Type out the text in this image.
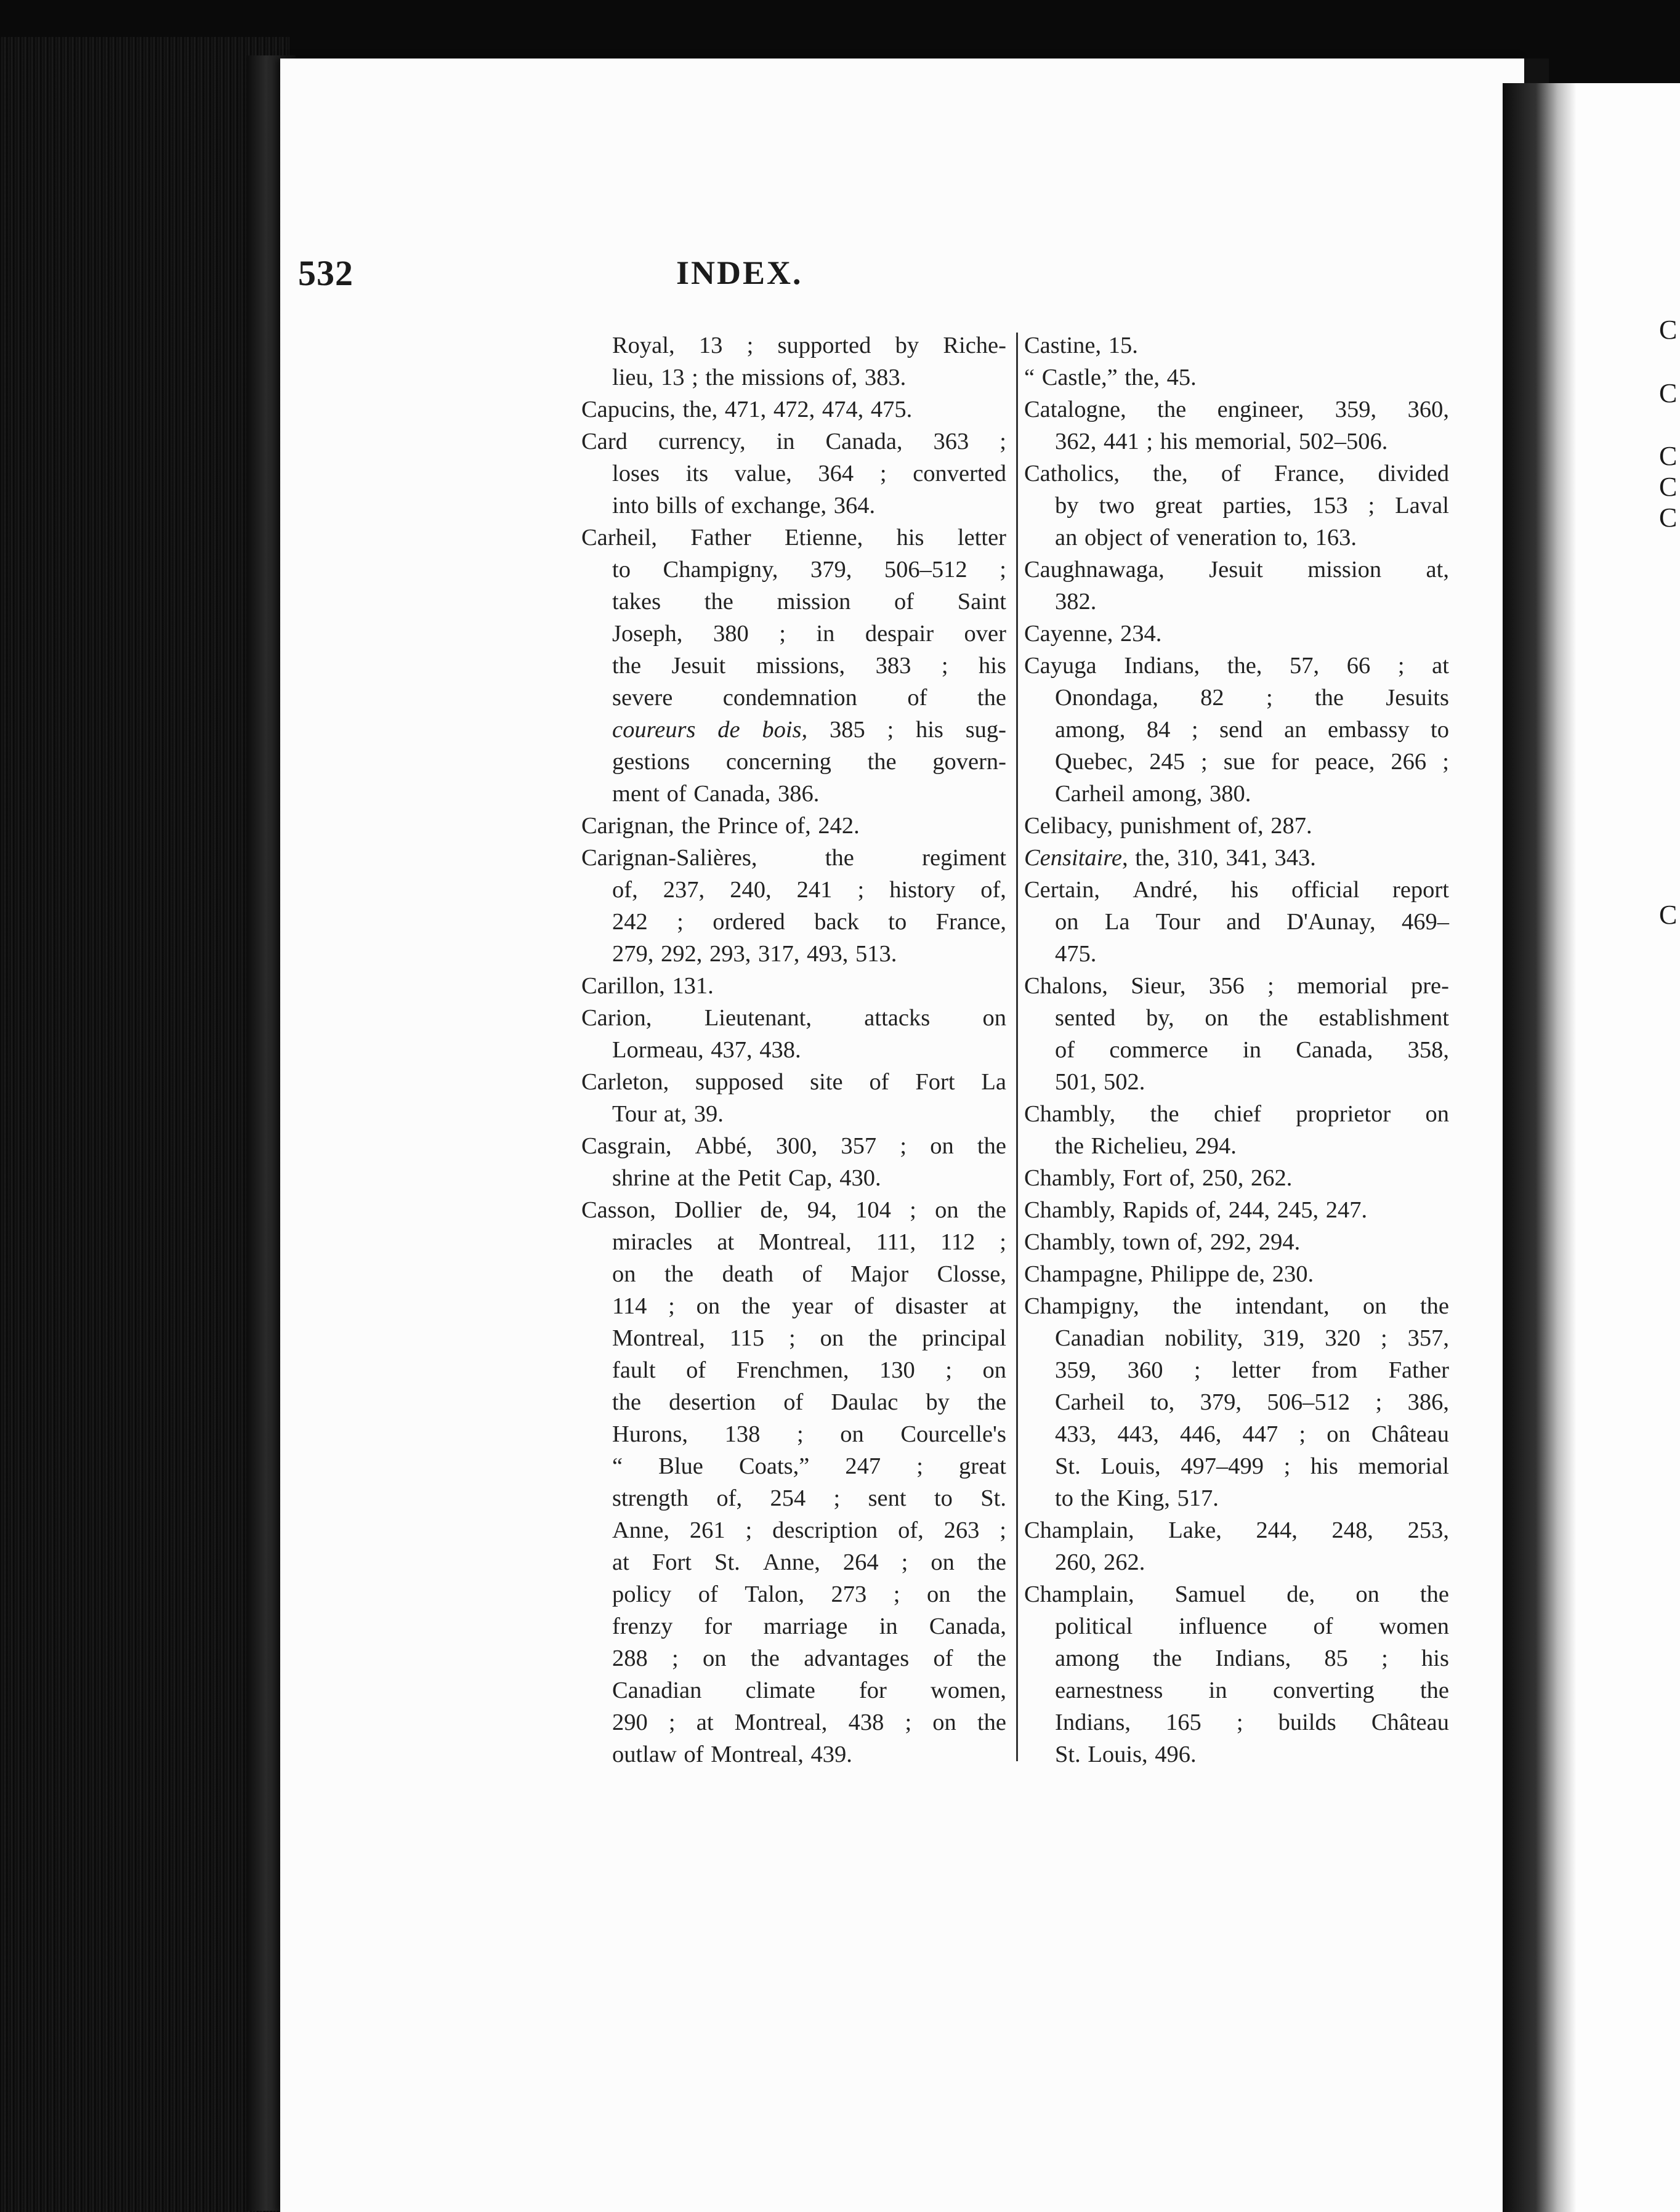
C
C
C
C
C
C
532	INDEX.
Royal, 13 ; supported by Riche-
lieu, 13 ; the missions of, 383.
Capucins, the, 471, 472, 474, 475.
Card currency, in Canada, 363 ;
loses its value, 364 ; converted
into bills of exchange, 364.
Carheil, Father Etienne, his letter
to Champigny, 379, 506–512 ;
takes the mission of Saint
Joseph, 380 ; in despair over
the Jesuit missions, 383 ; his
severe condemnation of the
coureurs de bois, 385 ; his sug-
gestions concerning the govern-
ment of Canada, 386.
Carignan, the Prince of, 242.
Carignan-Salières,	the	regiment
of, 237, 240, 241 ; history of,
242 ; ordered back to France,
279, 292, 293, 317, 493, 513.
Carillon, 131.
Carion, Lieutenant, attacks on
Lormeau, 437, 438.
Carleton, supposed site of Fort La
Tour at, 39.
Casgrain, Abbé, 300, 357 ; on the
shrine at the Petit Cap, 430.
Casson, Dollier de, 94, 104 ; on the
miracles at Montreal, 111, 112 ;
on the death of Major Closse,
114 ; on the year of disaster at
Montreal, 115 ; on the principal
fault of Frenchmen, 130 ; on
the desertion of Daulac by the
Hurons, 138 ; on Courcelle's
“ Blue Coats,” 247 ; great
strength of, 254 ; sent to St.
Anne, 261 ; description of, 263 ;
at Fort St. Anne, 264 ; on the
policy of Talon, 273 ; on the
frenzy for marriage in Canada,
288 ; on the advantages of the
Canadian climate for women,
290 ; at Montreal, 438 ; on the
outlaw of Montreal, 439.
Castine, 15.
“ Castle,” the, 45.
Catalogne, the engineer, 359, 360,
362, 441 ; his memorial, 502–506.
Catholics, the, of France, divided
by two great parties, 153 ; Laval
an object of veneration to, 163.
Caughnawaga, Jesuit mission at,
382.
Cayenne, 234.
Cayuga Indians, the, 57, 66 ; at
Onondaga, 82 ; the Jesuits
among, 84 ; send an embassy to
Quebec, 245 ; sue for peace, 266 ;
Carheil among, 380.
Celibacy, punishment of, 287.
Censitaire, the, 310, 341, 343.
Certain, André, his official report
on La Tour and D'Aunay, 469–
475.
Chalons, Sieur, 356 ; memorial pre-
sented by, on the establishment
of commerce in Canada, 358,
501, 502.
Chambly, the chief proprietor on
the Richelieu, 294.
Chambly, Fort of, 250, 262.
Chambly, Rapids of, 244, 245, 247.
Chambly, town of, 292, 294.
Champagne, Philippe de, 230.
Champigny, the intendant, on the
Canadian nobility, 319, 320 ; 357,
359, 360 ; letter from Father
Carheil to, 379, 506–512 ; 386,
433, 443, 446, 447 ; on Château
St. Louis, 497–499 ; his memorial
to the King, 517.
Champlain, Lake, 244, 248, 253,
260, 262.
Champlain, Samuel de, on the
political influence of women
among the Indians, 85 ; his
earnestness in converting the
Indians, 165 ; builds Château
St. Louis, 496.
